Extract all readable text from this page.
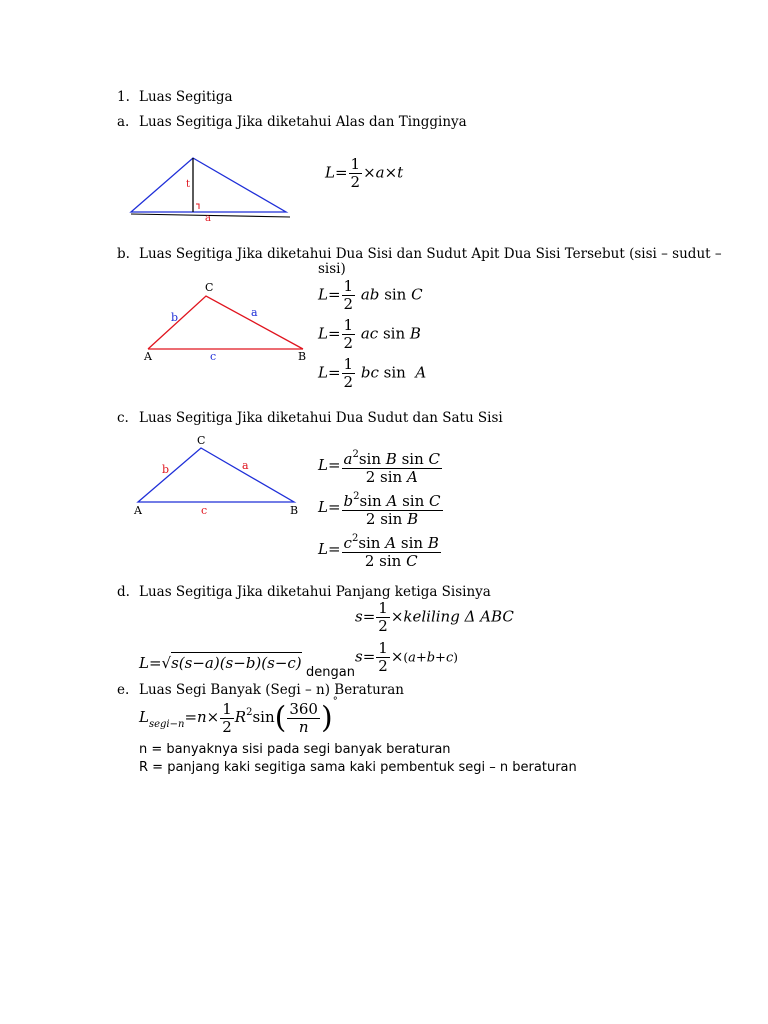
1. Luas Segitiga
a. Luas Segitiga Jika diketahui Alas dan Tingginya
t
a
$L= \frac{1}{2} \times a\times t$
b. Luas Segitiga Jika diketahui Dua Sisi dan Sudut Apit Dua Sisi Tersebut (sisi – sudut –
sisi)
C
A	B
b	a
c
$L= \frac{1}{2}$ ab sin C
$L= \frac{1}{2}$ ac sin B
$L= \frac{1}{2}$ bc sin A
c. Luas Segitiga Jika diketahui Dua Sudut dan Satu Sisi
C
A	B
b	a
c
$L= \frac{a^2\sin B \sin C}{\text{2 sin A}}$
$L= \frac{b^2\sin A \sin C}{\text{2 sin B}}$
$L= \frac{c^2\sin A \sin B}{\text{2 sin C}}$
d. Luas Segitiga Jika diketahui Panjang ketiga Sisinya
$s= \frac{1}{2}$ ×keliling Δ ABC
L=√s(s−a)(s−b)(s−c)
dengan
$s= \frac{1}{2} \times(a+b+c)$
e. Luas Segi Banyak (Segi – n) Beraturan
$L_{segi-n}=n\times \frac{1}{2} R^2\sin( \frac{360}{n} )^\circ$
n = banyaknya sisi pada segi banyak beraturan
R = panjang kaki segitiga sama kaki pembentuk segi – n beraturan
